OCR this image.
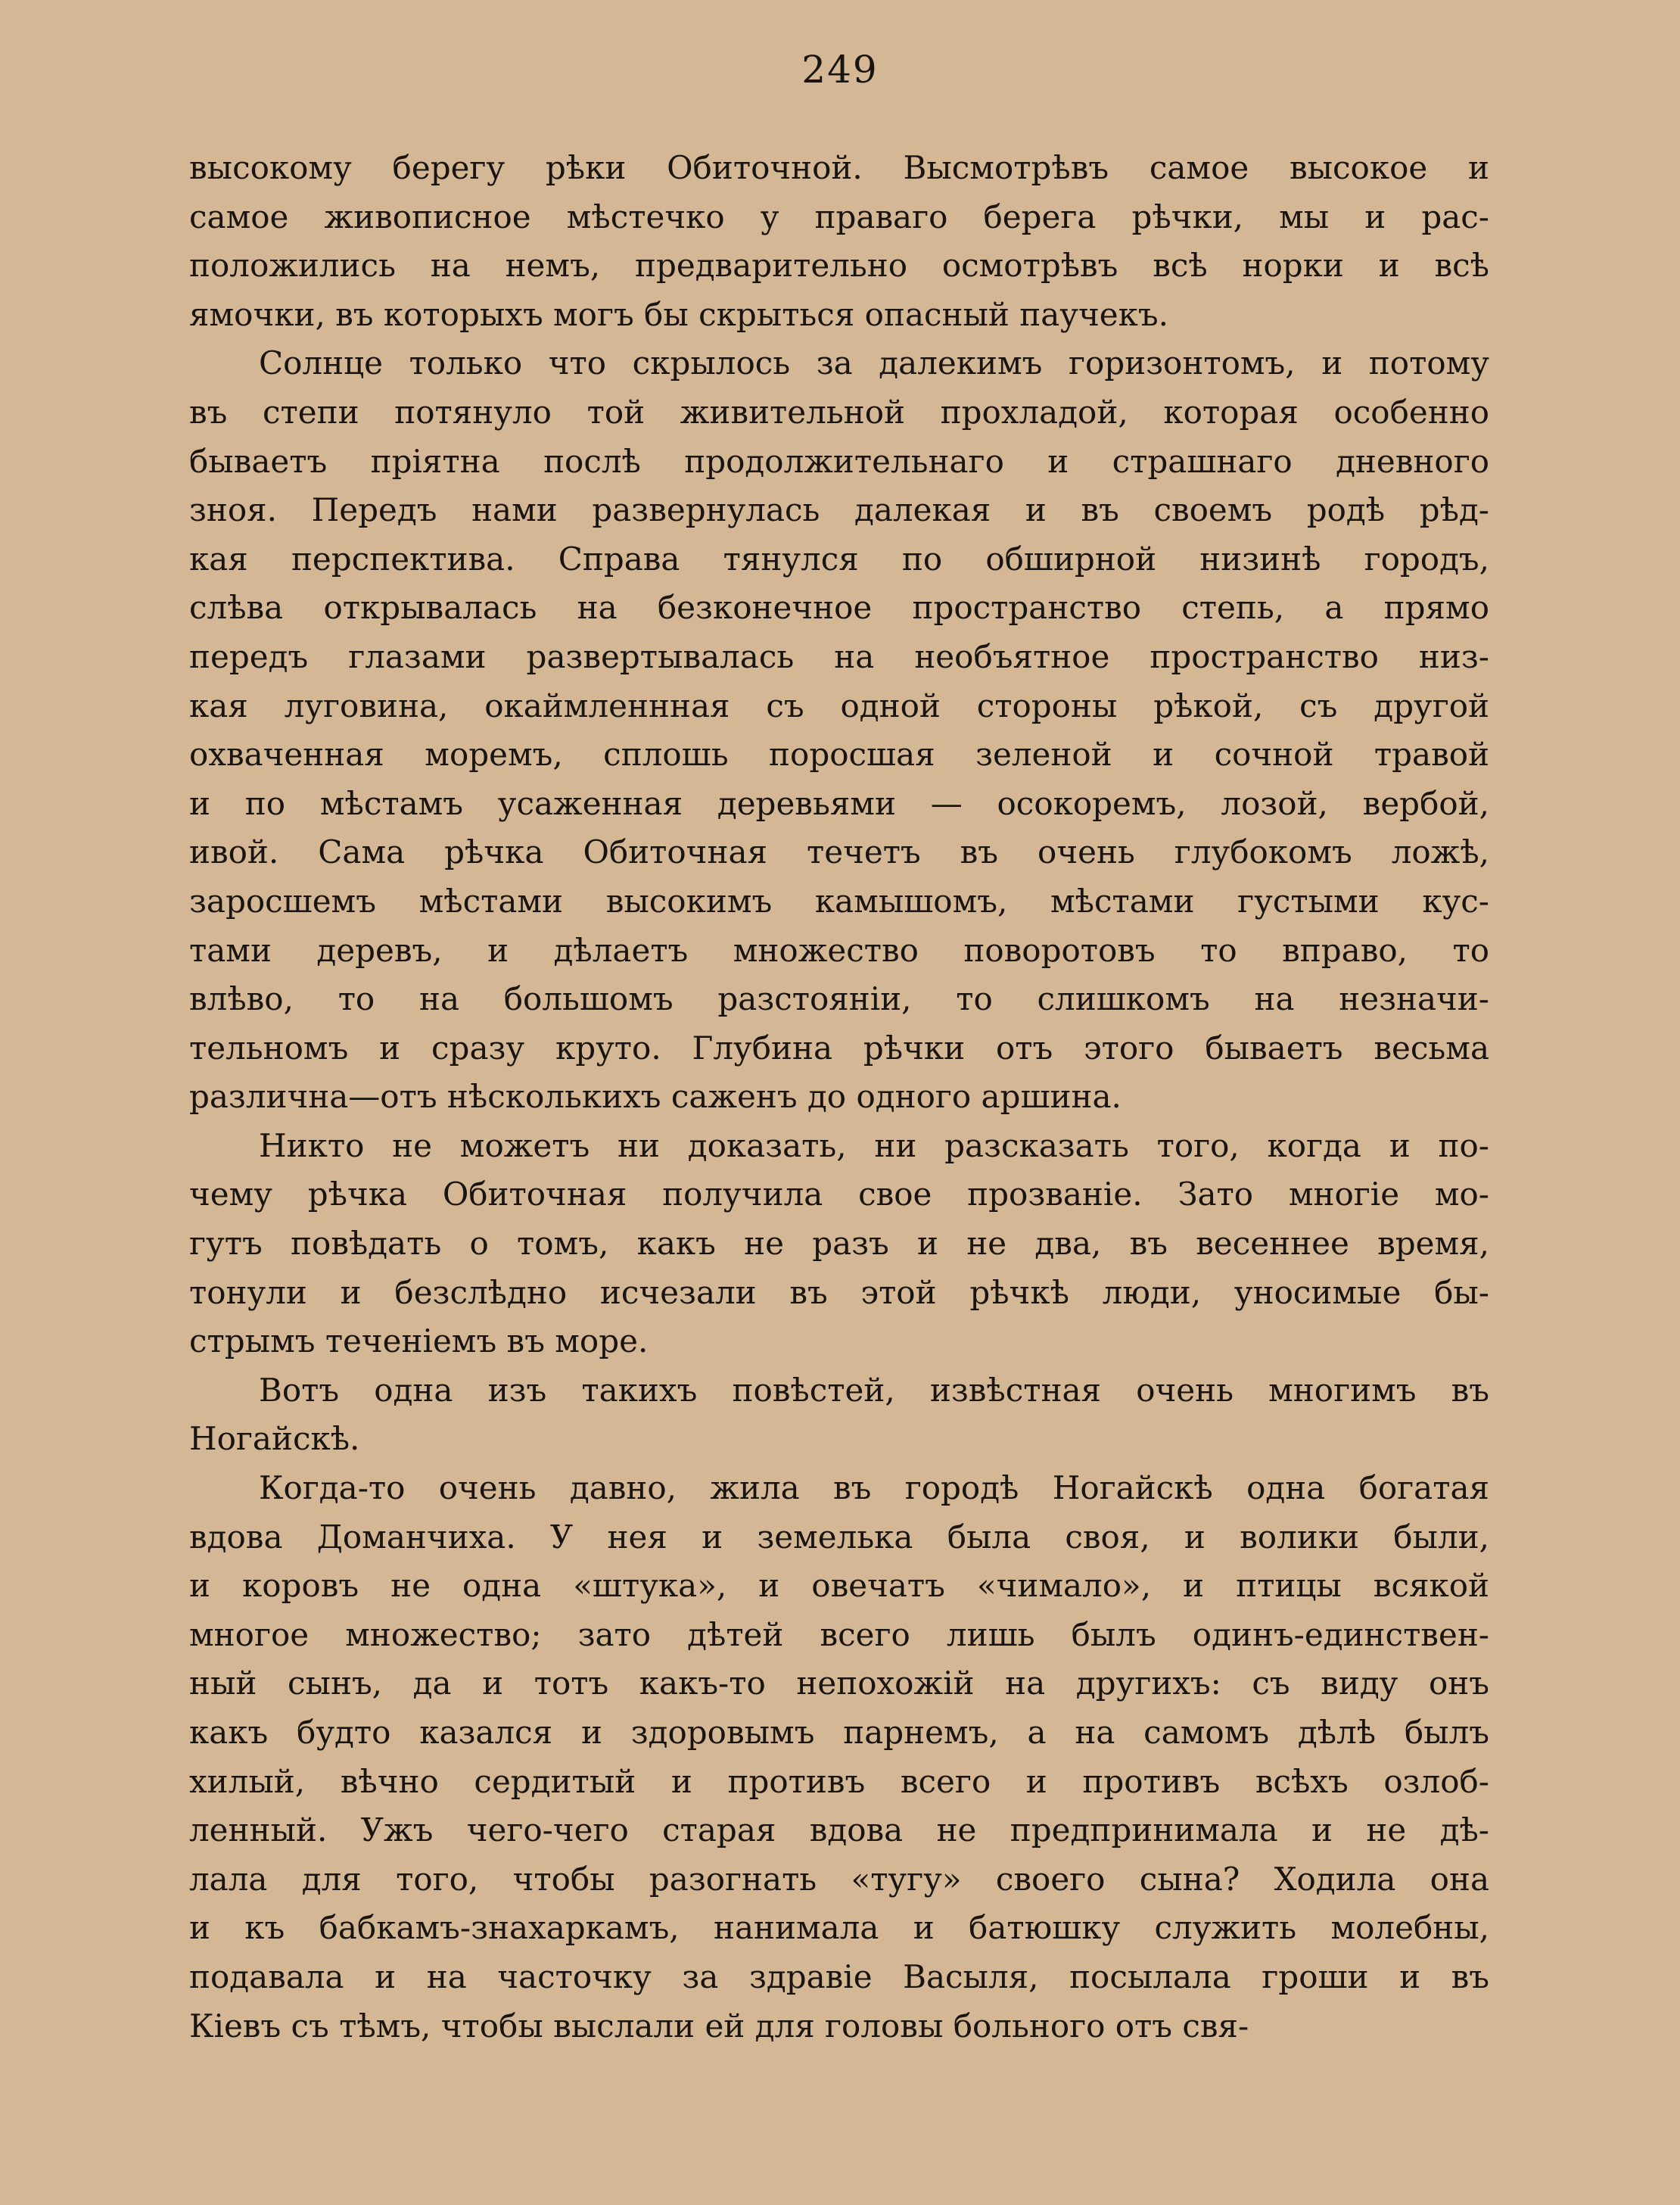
249
высокому берегу рѣки Обиточной. Высмотрѣвъ самое высокое и
самое живописное мѣстечко у праваго берега рѣчки, мы и рас-
положились на немъ, предварительно осмотрѣвъ всѣ норки и всѣ
ямочки, въ которыхъ могъ бы скрыться опасный паучекъ.
Солнце только что скрылось за далекимъ горизонтомъ, и потому
въ степи потянуло той живительной прохладой, которая особенно
бываетъ пріятна послѣ продолжительнаго и страшнаго дневного
зноя. Передъ нами развернулась далекая и въ своемъ родѣ рѣд-
кая перспектива. Справа тянулся по обширной низинѣ городъ,
слѣва открывалась на безконечное пространство степь, а прямо
передъ глазами развертывалась на необъятное пространство низ-
кая луговина, окаймленнная съ одной стороны рѣкой, съ другой
охваченная моремъ, сплошь поросшая зеленой и сочной травой
и по мѣстамъ усаженная деревьями — осокоремъ, лозой, вербой,
ивой. Сама рѣчка Обиточная течетъ въ очень глубокомъ ложѣ,
заросшемъ мѣстами высокимъ камышомъ, мѣстами густыми кус-
тами деревъ, и дѣлаетъ множество поворотовъ то вправо, то
влѣво, то на большомъ разстояніи, то слишкомъ на незначи-
тельномъ и сразу круто. Глубина рѣчки отъ этого бываетъ весьма
различна—отъ нѣсколькихъ саженъ до одного аршина.
Никто не можетъ ни доказать, ни разсказать того, когда и по-
чему рѣчка Обиточная получила свое прозваніе. Зато многіе мо-
гутъ повѣдать о томъ, какъ не разъ и не два, въ весеннее время,
тонули и безслѣдно исчезали въ этой рѣчкѣ люди, уносимые бы-
стрымъ теченіемъ въ море.
Вотъ одна изъ такихъ повѣстей, извѣстная очень многимъ въ
Ногайскѣ.
Когда-то очень давно, жила въ городѣ Ногайскѣ одна богатая
вдова Доманчиха. У нея и земелька была своя, и волики были,
и коровъ не одна «штука», и овечатъ «чимало», и птицы всякой
многое множество; зато дѣтей всего лишь былъ одинъ-единствен-
ный сынъ, да и тотъ какъ-то непохожій на другихъ: съ виду онъ
какъ будто казался и здоровымъ парнемъ, а на самомъ дѣлѣ былъ
хилый, вѣчно сердитый и противъ всего и противъ всѣхъ озлоб-
ленный. Ужъ чего-чего старая вдова не предпринимала и не дѣ-
лала для того, чтобы разогнать «тугу» своего сына? Ходила она
и къ бабкамъ-знахаркамъ, нанимала и батюшку служить молебны,
подавала и на часточку за здравіе Васыля, посылала гроши и въ
Кіевъ съ тѣмъ, чтобы выслали ей для головы больного отъ свя-
